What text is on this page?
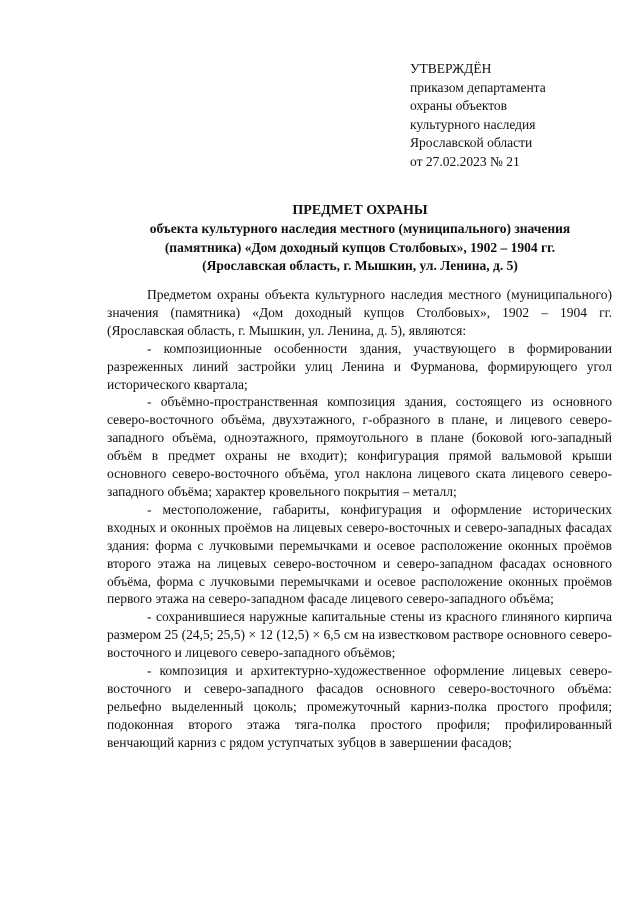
УТВЕРЖДЁН
приказом департамента
охраны объектов
культурного наследия
Ярославской области
от 27.02.2023 № 21
ПРЕДМЕТ ОХРАНЫ
объекта культурного наследия местного (муниципального) значения
(памятника) «Дом доходный купцов Столбовых», 1902 – 1904 гг.
(Ярославская область, г. Мышкин, ул. Ленина, д. 5)

Предметом охраны объекта культурного наследия местного (муниципального) значения (памятника) «Дом доходный купцов Столбовых», 1902 – 1904 гг. (Ярославская область, г. Мышкин, ул. Ленина, д. 5), являются:

- композиционные особенности здания, участвующего в формировании разреженных линий застройки улиц Ленина и Фурманова, формирующего угол исторического квартала;

- объёмно-пространственная композиция здания, состоящего из основного северо-восточного объёма, двухэтажного, г-образного в плане, и лицевого северо-западного объёма, одноэтажного, прямоугольного в плане (боковой юго-западный объём в предмет охраны не входит); конфигурация прямой вальмовой крыши основного северо-восточного объёма, угол наклона лицевого ската лицевого северо-западного объёма; характер кровельного покрытия – металл;

- местоположение, габариты, конфигурация и оформление исторических входных и оконных проёмов на лицевых северо-восточных и северо-западных фасадах здания: форма с лучковыми перемычками и осевое расположение оконных проёмов второго этажа на лицевых северо-восточном и северо-западном фасадах основного объёма, форма с лучковыми перемычками и осевое расположение оконных проёмов первого этажа на северо-западном фасаде лицевого северо-западного объёма;

- сохранившиеся наружные капитальные стены из красного глиняного кирпича размером 25 (24,5; 25,5) × 12 (12,5) × 6,5 см на известковом растворе основного северо-восточного и лицевого северо-западного объёмов;

- композиция и архитектурно-художественное оформление лицевых северо-восточного и северо-западного фасадов основного северо-восточного объёма: рельефно выделенный цоколь; промежуточный карниз-полка простого профиля; подоконная второго этажа тяга-полка простого профиля; профилированный венчающий карниз с рядом уступчатых зубцов в завершении фасадов;
